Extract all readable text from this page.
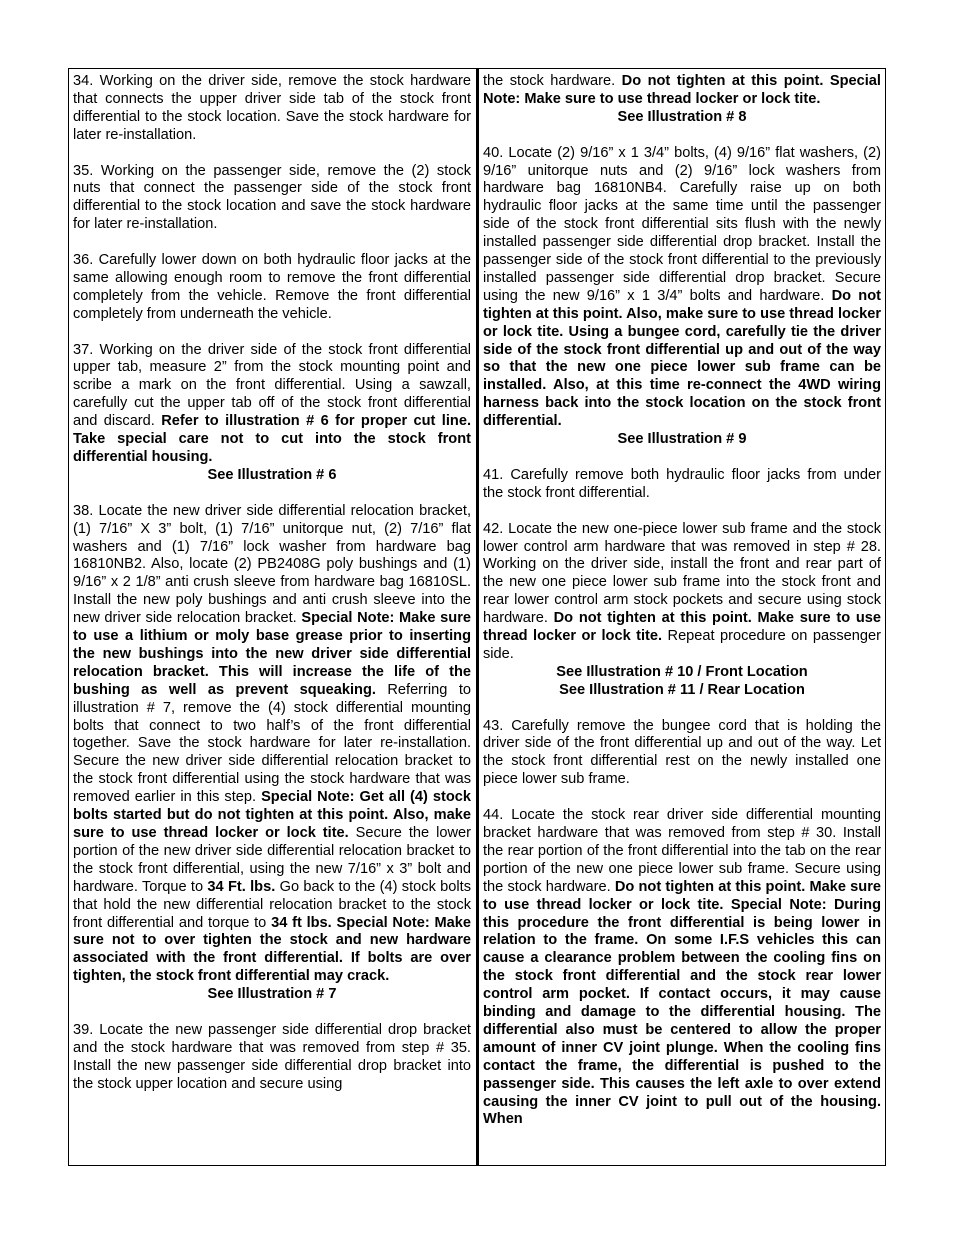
34. Working on the driver side, remove the stock hardware that connects the upper driver side tab of the stock front differential to the stock location. Save the stock hardware for later re-installation.

35. Working on the passenger side, remove the (2) stock nuts that connect the passenger side of the stock front differential to the stock location and save the stock hardware for later re-installation.

36. Carefully lower down on both hydraulic floor jacks at the same allowing enough room to remove the front differential completely from the vehicle. Remove the front differential completely from underneath the vehicle.

37. Working on the driver side of the stock front differential upper tab, measure 2” from the stock mounting point and scribe a mark on the front differential. Using a sawzall, carefully cut the upper tab off of the stock front differential and discard. Refer to illustration # 6 for proper cut line. Take special care not to cut into the stock front differential housing.

See Illustration # 6

38. Locate the new driver side differential relocation bracket, (1) 7/16” X 3” bolt, (1) 7/16” unitorque nut, (2) 7/16” flat washers and (1) 7/16” lock washer from hardware bag 16810NB2. Also, locate (2) PB2408G poly bushings and (1) 9/16” x 2 1/8” anti crush sleeve from hardware bag 16810SL. Install the new poly bushings and anti crush sleeve into the new driver side relocation bracket. Special Note: Make sure to use a lithium or moly base grease prior to inserting the new bushings into the new driver side differential relocation bracket. This will increase the life of the bushing as well as prevent squeaking. Referring to illustration # 7, remove the (4) stock differential mounting bolts that connect to two half’s of the front differential together. Save the stock hardware for later re-installation. Secure the new driver side differential relocation bracket to the stock front differential using the stock hardware that was removed earlier in this step. Special Note: Get all (4) stock bolts started but do not tighten at this point. Also, make sure to use thread locker or lock tite. Secure the lower portion of the new driver side differential relocation bracket to the stock front differential, using the new 7/16” x 3” bolt and hardware. Torque to 34 Ft. lbs. Go back to the (4) stock bolts that hold the new differential relocation bracket to the stock front differential and torque to 34 ft lbs. Special Note: Make sure not to over tighten the stock and new hardware associated with the front differential. If bolts are over tighten, the stock front differential may crack.

See Illustration # 7

39. Locate the new passenger side differential drop bracket and the stock hardware that was removed from step # 35. Install the new passenger side differential drop bracket into the stock upper location and secure using

the stock hardware. Do not tighten at this point. Special Note: Make sure to use thread locker or lock tite.

See Illustration # 8

40. Locate (2) 9/16” x 1 3/4” bolts, (4) 9/16” flat washers, (2) 9/16” unitorque nuts and (2) 9/16” lock washers from hardware bag 16810NB4. Carefully raise up on both hydraulic floor jacks at the same time until the passenger side of the stock front differential sits flush with the newly installed passenger side differential drop bracket. Install the passenger side of the stock front differential to the previously installed passenger side differential drop bracket. Secure using the new 9/16” x 1 3/4” bolts and hardware. Do not tighten at this point. Also, make sure to use thread locker or lock tite. Using a bungee cord, carefully tie the driver side of the stock front differential up and out of the way so that the new one piece lower sub frame can be installed. Also, at this time re-connect the 4WD wiring harness back into the stock location on the stock front differential.

See Illustration # 9

41. Carefully remove both hydraulic floor jacks from under the stock front differential.

42. Locate the new one-piece lower sub frame and the stock lower control arm hardware that was removed in step # 28. Working on the driver side, install the front and rear part of the new one piece lower sub frame into the stock front and rear lower control arm stock pockets and secure using stock hardware. Do not tighten at this point. Make sure to use thread locker or lock tite. Repeat procedure on passenger side.

See Illustration # 10 / Front Location

See Illustration # 11 / Rear Location

43. Carefully remove the bungee cord that is holding the driver side of the front differential up and out of the way. Let the stock front differential rest on the newly installed one piece lower sub frame.

44. Locate the stock rear driver side differential mounting bracket hardware that was removed from step # 30. Install the rear portion of the front differential into the tab on the rear portion of the new one piece lower sub frame. Secure using the stock hardware. Do not tighten at this point. Make sure to use thread locker or lock tite. Special Note: During this procedure the front differential is being lower in relation to the frame. On some I.F.S vehicles this can cause a clearance problem between the cooling fins on the stock front differential and the stock rear lower control arm pocket. If contact occurs, it may cause binding and damage to the differential housing. The differential also must be centered to allow the proper amount of inner CV joint plunge. When the cooling fins contact the frame, the differential is pushed to the passenger side. This causes the left axle to over extend causing the inner CV joint to pull out of the housing. When
